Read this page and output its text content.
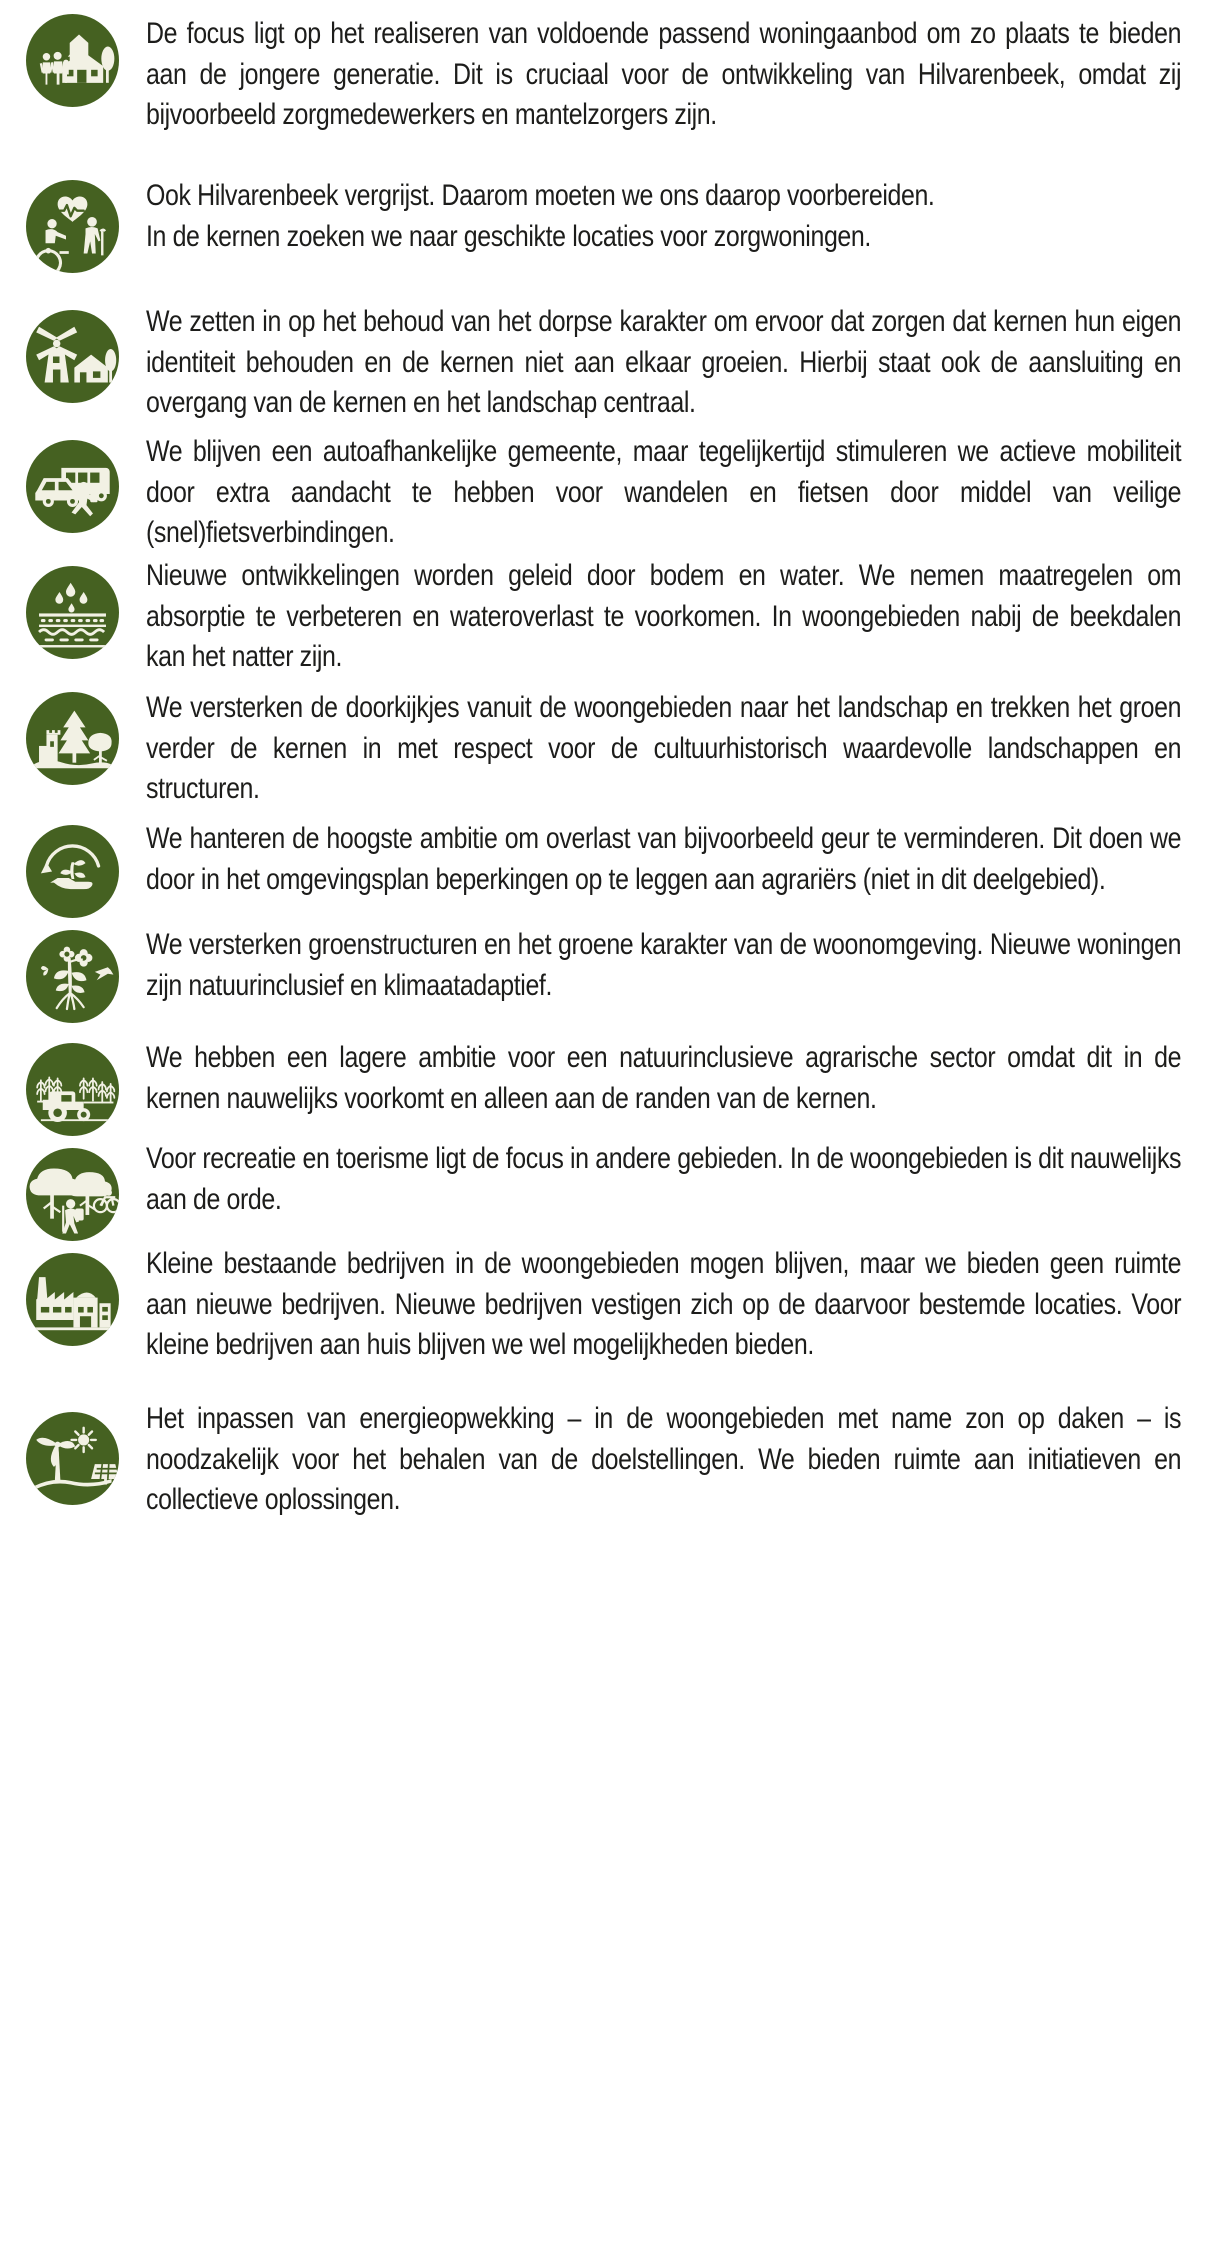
De focus ligt op het realiseren van voldoende passend woningaanbod om zo plaats te bieden aan de jongere generatie. Dit is cruciaal voor de ontwikkeling van Hilvarenbeek, omdat zij bijvoorbeeld zorgmedewerkers en mantelzorgers zijn.

Ook Hilvarenbeek vergrijst. Daarom moeten we ons daarop voorbereiden.

In de kernen zoeken we naar geschikte locaties voor zorgwoningen.

We zetten in op het behoud van het dorpse karakter om ervoor dat zorgen dat kernen hun eigen identiteit behouden en de kernen niet aan elkaar groeien. Hierbij staat ook de aansluiting en overgang van de kernen en het landschap centraal.

We blijven een autoafhankelijke gemeente, maar tegelijkertijd stimuleren we actieve mobiliteit door extra aandacht te hebben voor wandelen en fietsen door middel van veilige (snel)fietsverbindingen.

Nieuwe ontwikkelingen worden geleid door bodem en water. We nemen maatregelen om absorptie te verbeteren en wateroverlast te voorkomen. In woongebieden nabij de beekdalen kan het natter zijn.

We versterken de doorkijkjes vanuit de woongebieden naar het landschap en trekken het groen verder de kernen in met respect voor de cultuurhistorisch waardevolle landschappen en structuren.

We hanteren de hoogste ambitie om overlast van bijvoorbeeld geur te verminderen. Dit doen we door in het omgevingsplan beperkingen op te leggen aan agrariërs (niet in dit deelgebied).

We versterken groenstructuren en het groene karakter van de woonomgeving. Nieuwe woningen zijn natuurinclusief en klimaatadaptief.

We hebben een lagere ambitie voor een natuurinclusieve agrarische sector omdat dit in de kernen nauwelijks voorkomt en alleen aan de randen van de kernen.

Voor recreatie en toerisme ligt de focus in andere gebieden. In de woongebieden is dit nauwelijks aan de orde.

Kleine bestaande bedrijven in de woongebieden mogen blijven, maar we bieden geen ruimte aan nieuwe bedrijven. Nieuwe bedrijven vestigen zich op de daarvoor bestemde locaties. Voor kleine bedrijven aan huis blijven we wel mogelijkheden bieden.

Het inpassen van energieopwekking – in de woongebieden met name zon op daken – is noodzakelijk voor het behalen van de doelstellingen. We bieden ruimte aan initiatieven en collectieve oplossingen.
